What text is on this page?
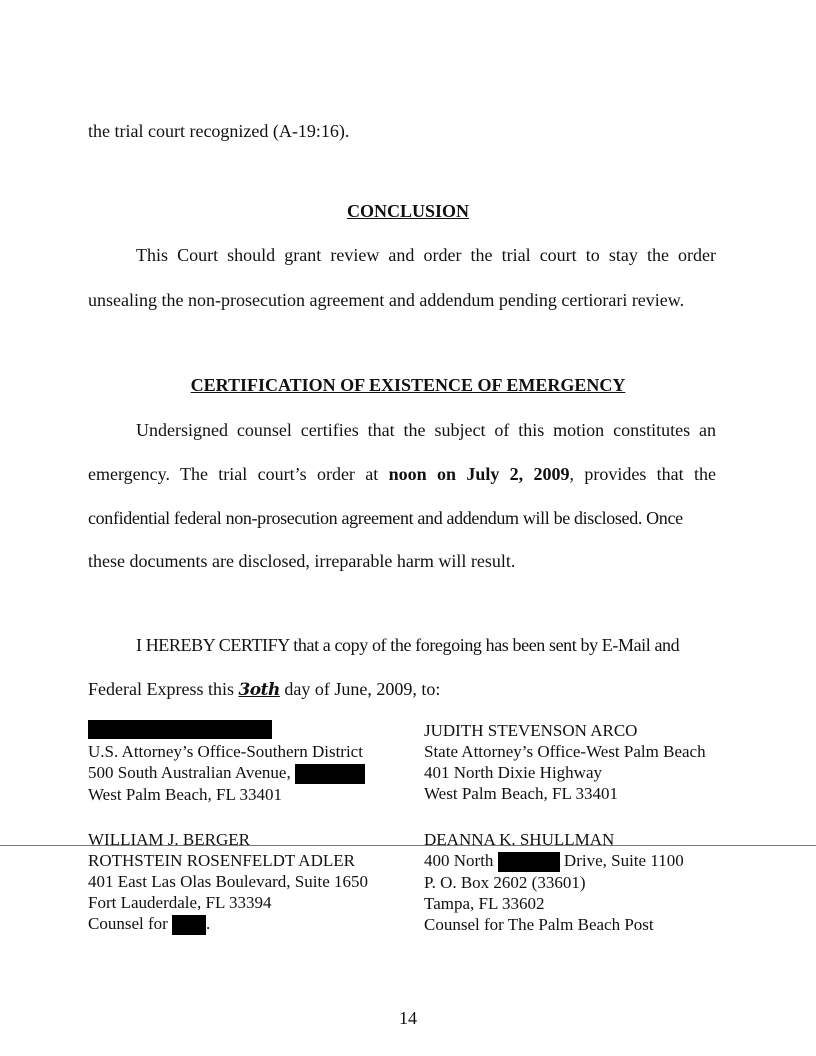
the trial court recognized (A-19:16).
CONCLUSION
This Court should grant review and order the trial court to stay the order
unsealing the non-prosecution agreement and addendum pending certiorari review.
CERTIFICATION OF EXISTENCE OF EMERGENCY
Undersigned counsel certifies that the subject of this motion constitutes an
emergency. The trial court’s order at noon on July 2, 2009, provides that the
confidential federal non-prosecution agreement and addendum will be disclosed. Once
these documents are disclosed, irreparable harm will result.
I HEREBY CERTIFY that a copy of the foregoing has been sent by E-Mail and
Federal Express this 3oth day of June, 2009, to:
U.S. Attorney’s Office-Southern District
500 South Australian Avenue,
West Palm Beach, FL 33401
JUDITH STEVENSON ARCO
State Attorney’s Office-West Palm Beach
401 North Dixie Highway
West Palm Beach, FL 33401
WILLIAM J. BERGER
ROTHSTEIN ROSENFELDT ADLER
401 East Las Olas Boulevard, Suite 1650
Fort Lauderdale, FL 33394
Counsel for .
DEANNA K. SHULLMAN
400 North	Drive, Suite 1100
P. O. Box 2602 (33601)
Tampa, FL 33602
Counsel for The Palm Beach Post
14
